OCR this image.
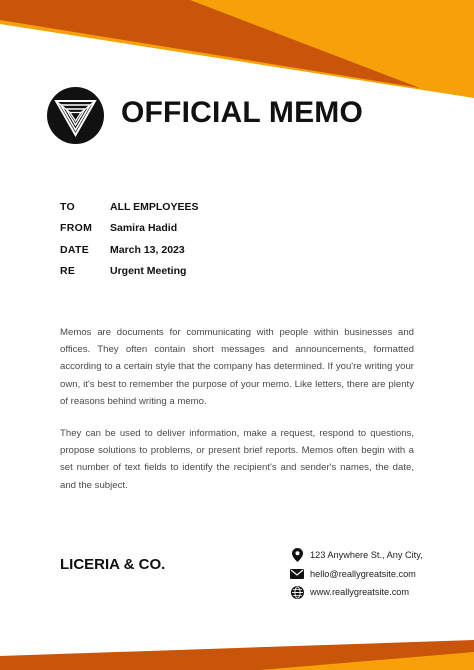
OFFICIAL MEMO
TO	ALL EMPLOYEES
FROM	Samira Hadid
DATE	March 13, 2023
RE	Urgent Meeting

Memos are documents for communicating with people within businesses and offices. They often contain short messages and announcements, formatted according to a certain style that the company has determined. If you're writing your own, it's best to remember the purpose of your memo. Like letters, there are plenty of reasons behind writing a memo.

They can be used to deliver information, make a request, respond to questions, propose solutions to problems, or present brief reports. Memos often begin with a set number of text fields to identify the recipient's and sender's names, the date, and the subject.

LICERIA & CO.
123 Anywhere St., Any City,
hello@reallygreatsite.com
www.reallygreatsite.com
